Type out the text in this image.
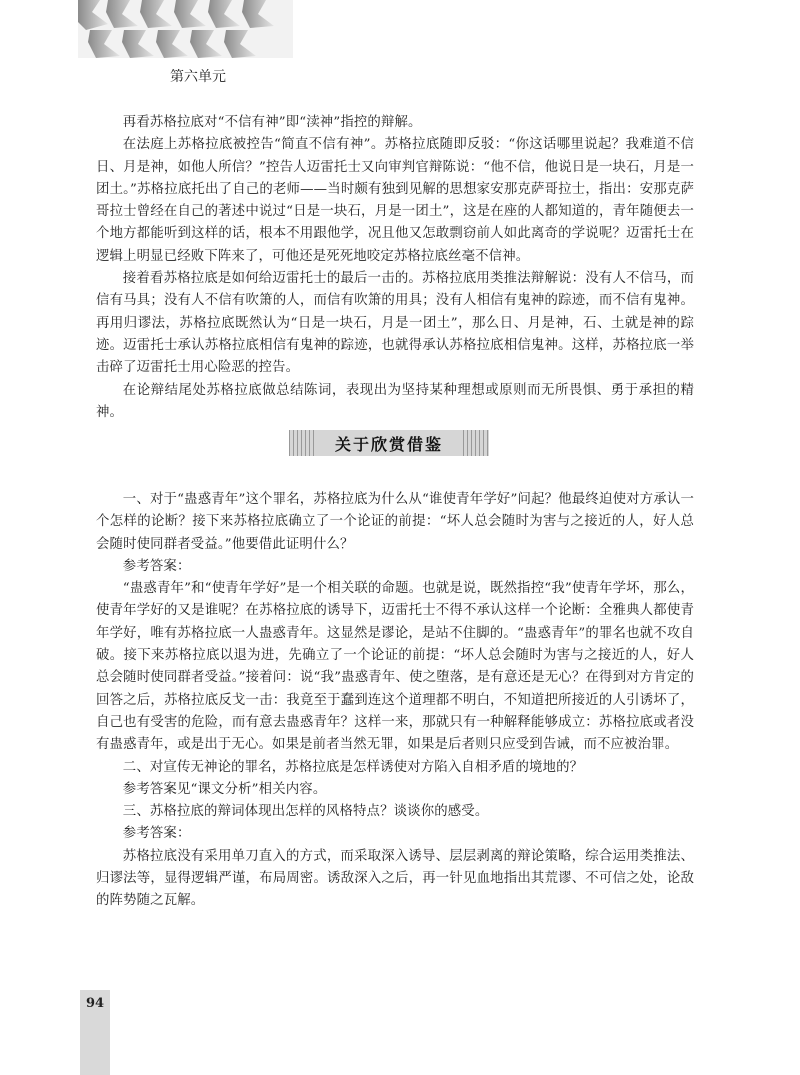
第六单元

再看苏格拉底对“不信有神”即“渎神”指控的辩解。

在法庭上苏格拉底被控告“简直不信有神”。苏格拉底随即反驳：“你这话哪里说起？我难道不信日、月是神，如他人所信？”控告人迈雷托士又向审判官辩陈说：“他不信，他说日是一块石，月是一团土。”苏格拉底托出了自己的老师——当时颇有独到见解的思想家安那克萨哥拉士，指出：安那克萨哥拉士曾经在自己的著述中说过“日是一块石，月是一团土”，这是在座的人都知道的，青年随便去一个地方都能听到这样的话，根本不用跟他学，况且他又怎敢剽窃前人如此离奇的学说呢？迈雷托士在逻辑上明显已经败下阵来了，可他还是死死地咬定苏格拉底丝毫不信神。

接着看苏格拉底是如何给迈雷托士的最后一击的。苏格拉底用类推法辩解说：没有人不信马，而信有马具；没有人不信有吹箫的人，而信有吹箫的用具；没有人相信有鬼神的踪迹，而不信有鬼神。再用归谬法，苏格拉底既然认为“日是一块石，月是一团土”，那么日、月是神，石、土就是神的踪迹。迈雷托士承认苏格拉底相信有鬼神的踪迹，也就得承认苏格拉底相信鬼神。这样，苏格拉底一举击碎了迈雷托士用心险恶的控告。

在论辩结尾处苏格拉底做总结陈词，表现出为坚持某种理想或原则而无所畏惧、勇于承担的精神。

关于欣赏借鉴

一、对于“蛊惑青年”这个罪名，苏格拉底为什么从“谁使青年学好”问起？他最终迫使对方承认一个怎样的论断？接下来苏格拉底确立了一个论证的前提：“坏人总会随时为害与之接近的人，好人总会随时使同群者受益。”他要借此证明什么？

参考答案：

“蛊惑青年”和“使青年学好”是一个相关联的命题。也就是说，既然指控“我”使青年学坏，那么，使青年学好的又是谁呢？在苏格拉底的诱导下，迈雷托士不得不承认这样一个论断：全雅典人都使青年学好，唯有苏格拉底一人蛊惑青年。这显然是谬论，是站不住脚的。“蛊惑青年”的罪名也就不攻自破。接下来苏格拉底以退为进，先确立了一个论证的前提：“坏人总会随时为害与之接近的人，好人总会随时使同群者受益。”接着问：说“我”蛊惑青年、使之堕落，是有意还是无心？在得到对方肯定的回答之后，苏格拉底反戈一击：我竟至于蠢到连这个道理都不明白，不知道把所接近的人引诱坏了，自己也有受害的危险，而有意去蛊惑青年？这样一来，那就只有一种解释能够成立：苏格拉底或者没有蛊惑青年，或是出于无心。如果是前者当然无罪，如果是后者则只应受到告诫，而不应被治罪。

二、对宣传无神论的罪名，苏格拉底是怎样诱使对方陷入自相矛盾的境地的？

参考答案见“课文分析”相关内容。

三、苏格拉底的辩词体现出怎样的风格特点？谈谈你的感受。

参考答案：

苏格拉底没有采用单刀直入的方式，而采取深入诱导、层层剥离的辩论策略，综合运用类推法、归谬法等，显得逻辑严谨，布局周密。诱敌深入之后，再一针见血地指出其荒谬、不可信之处，论敌的阵势随之瓦解。

94
